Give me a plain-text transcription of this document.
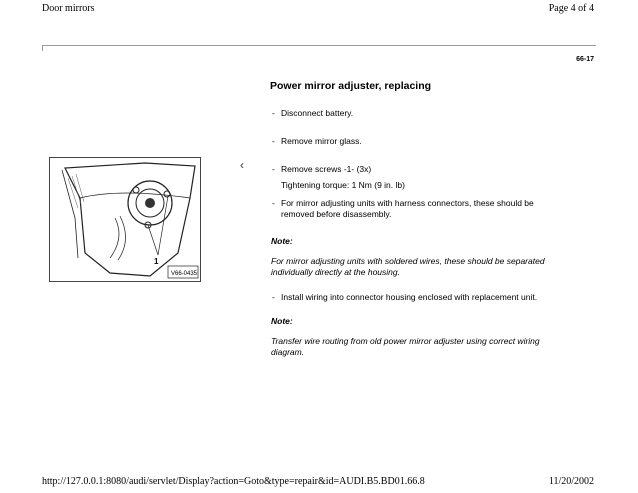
Door mirrors	Page 4 of 4
66-17
Power mirror adjuster, replacing
- Disconnect battery.
- Remove mirror glass.
- Remove screws -1- (3x)
Tightening torque: 1 Nm (9 in. lb)
- For mirror adjusting units with harness connectors, these should be
removed before disassembly.
Note:
For mirror adjusting units with soldered wires, these should be separated
individually directly at the housing.
- Install wiring into connector housing enclosed with replacement unit.
Note:
Transfer wire routing from old power mirror adjuster using correct wiring
diagram.
‹
1
V66-0435
http://127.0.0.1:8080/audi/servlet/Display?action=Goto&type=repair&id=AUDI.B5.BD01.66.8	11/20/2002
